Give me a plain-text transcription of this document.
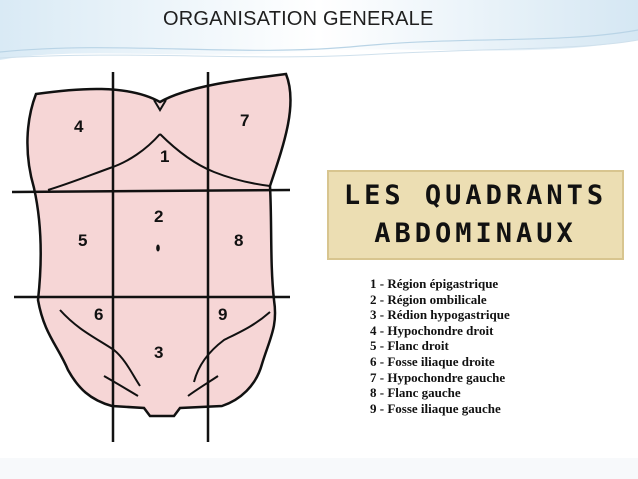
ORGANISATION GENERALE
4
1
7
5
2
8
6
3
9
LES QUADRANTS
ABDOMINAUX
1 - Région épigastrique
2 - Région ombilicale
3 - Rédion hypogastrique
4 - Hypochondre droit
5 - Flanc droit
6 - Fosse iliaque droite
7 - Hypochondre gauche
8 - Flanc gauche
9 - Fosse iliaque gauche
